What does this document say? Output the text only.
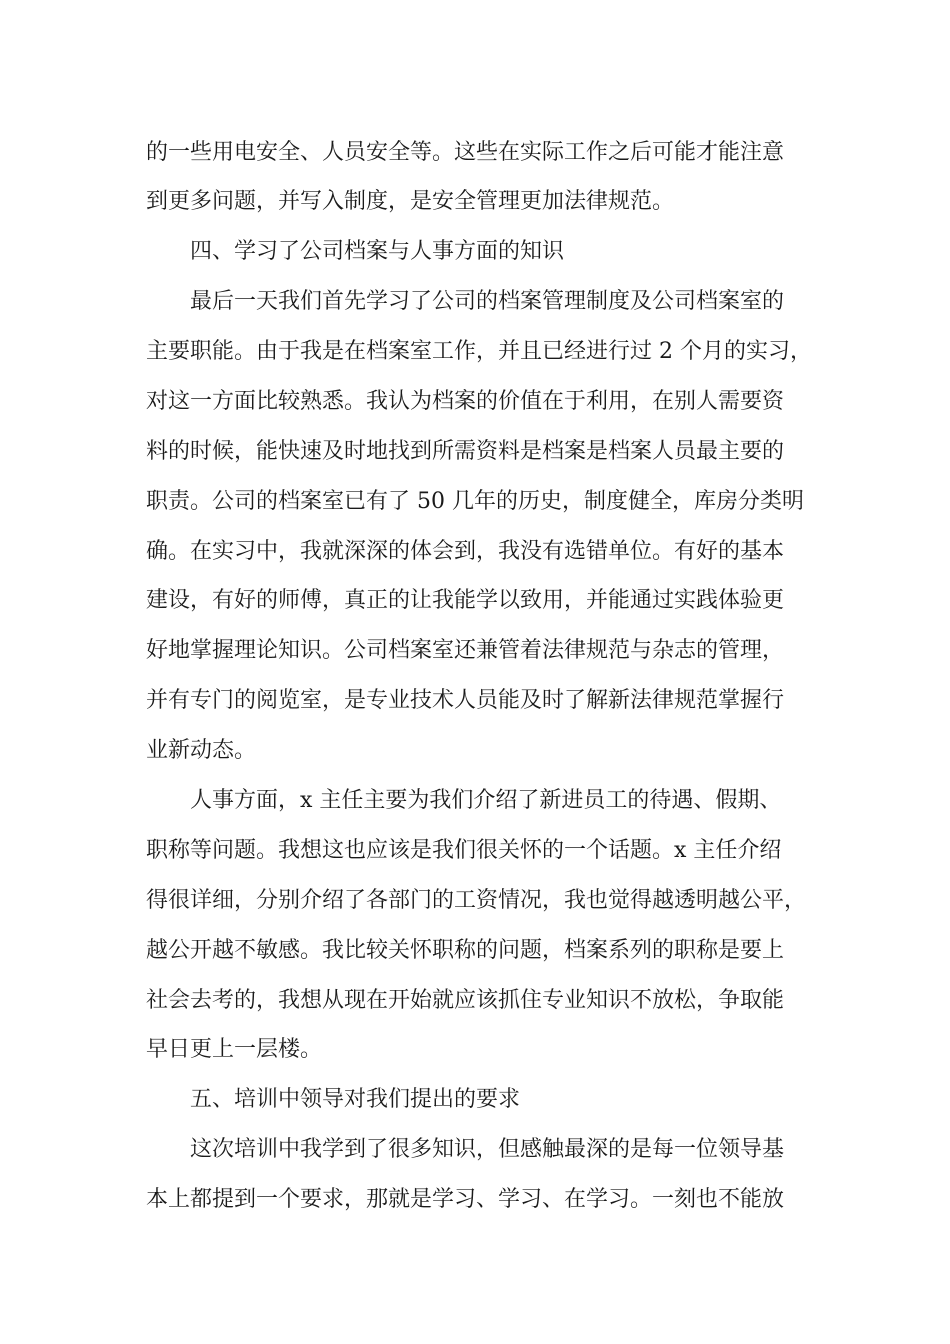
的一些用电安全、人员安全等。这些在实际工作之后可能才能注意
到更多问题，并写入制度，是安全管理更加法律规范。
四、学习了公司档案与人事方面的知识
最后一天我们首先学习了公司的档案管理制度及公司档案室的
主要职能。由于我是在档案室工作，并且已经进行过 2 个月的实习，
对这一方面比较熟悉。我认为档案的价值在于利用，在别人需要资
料的时候，能快速及时地找到所需资料是档案是档案人员最主要的
职责。公司的档案室已有了 50 几年的历史，制度健全，库房分类明
确。在实习中，我就深深的体会到，我没有选错单位。有好的基本
建设，有好的师傅，真正的让我能学以致用，并能通过实践体验更
好地掌握理论知识。公司档案室还兼管着法律规范与杂志的管理，
并有专门的阅览室，是专业技术人员能及时了解新法律规范掌握行
业新动态。
人事方面，x 主任主要为我们介绍了新进员工的待遇、假期、
职称等问题。我想这也应该是我们很关怀的一个话题。x 主任介绍
得很详细，分别介绍了各部门的工资情况，我也觉得越透明越公平，
越公开越不敏感。我比较关怀职称的问题，档案系列的职称是要上
社会去考的，我想从现在开始就应该抓住专业知识不放松，争取能
早日更上一层楼。
五、培训中领导对我们提出的要求
这次培训中我学到了很多知识，但感触最深的是每一位领导基
本上都提到一个要求，那就是学习、学习、在学习。一刻也不能放
